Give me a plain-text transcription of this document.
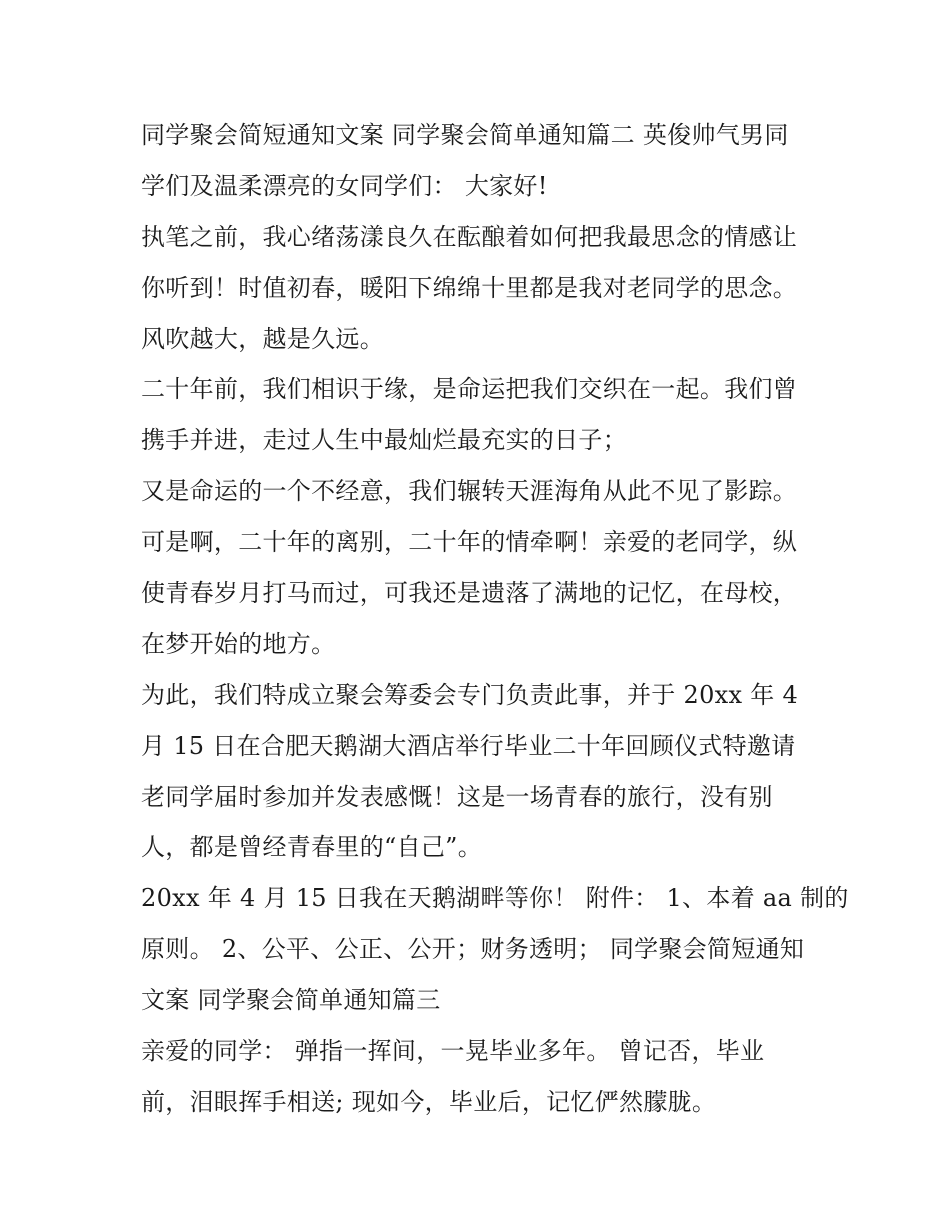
同学聚会简短通知文案 同学聚会简单通知篇二 英俊帅气男同
学们及温柔漂亮的女同学们： 大家好!
执笔之前，我心绪荡漾良久在酝酿着如何把我最思念的情感让
你听到！时值初春，暖阳下绵绵十里都是我对老同学的思念。
风吹越大，越是久远。
二十年前，我们相识于缘，是命运把我们交织在一起。我们曾
携手并进，走过人生中最灿烂最充实的日子；
又是命运的一个不经意，我们辗转天涯海角从此不见了影踪。
可是啊，二十年的离别，二十年的情牵啊！亲爱的老同学，纵
使青春岁月打马而过，可我还是遗落了满地的记忆，在母校，
在梦开始的地方。
为此，我们特成立聚会筹委会专门负责此事，并于 20xx 年 4
月 15 日在合肥天鹅湖大酒店举行毕业二十年回顾仪式特邀请
老同学届时参加并发表感慨！这是一场青春的旅行，没有别
人，都是曾经青春里的“自己”。
20xx 年 4 月 15 日我在天鹅湖畔等你！ 附件： 1、本着 aa 制的
原则。 2、公平、公正、公开；财务透明； 同学聚会简短通知
文案 同学聚会简单通知篇三
亲爱的同学： 弹指一挥间，一晃毕业多年。 曾记否，毕业
前，泪眼挥手相送; 现如今，毕业后，记忆俨然朦胧。
